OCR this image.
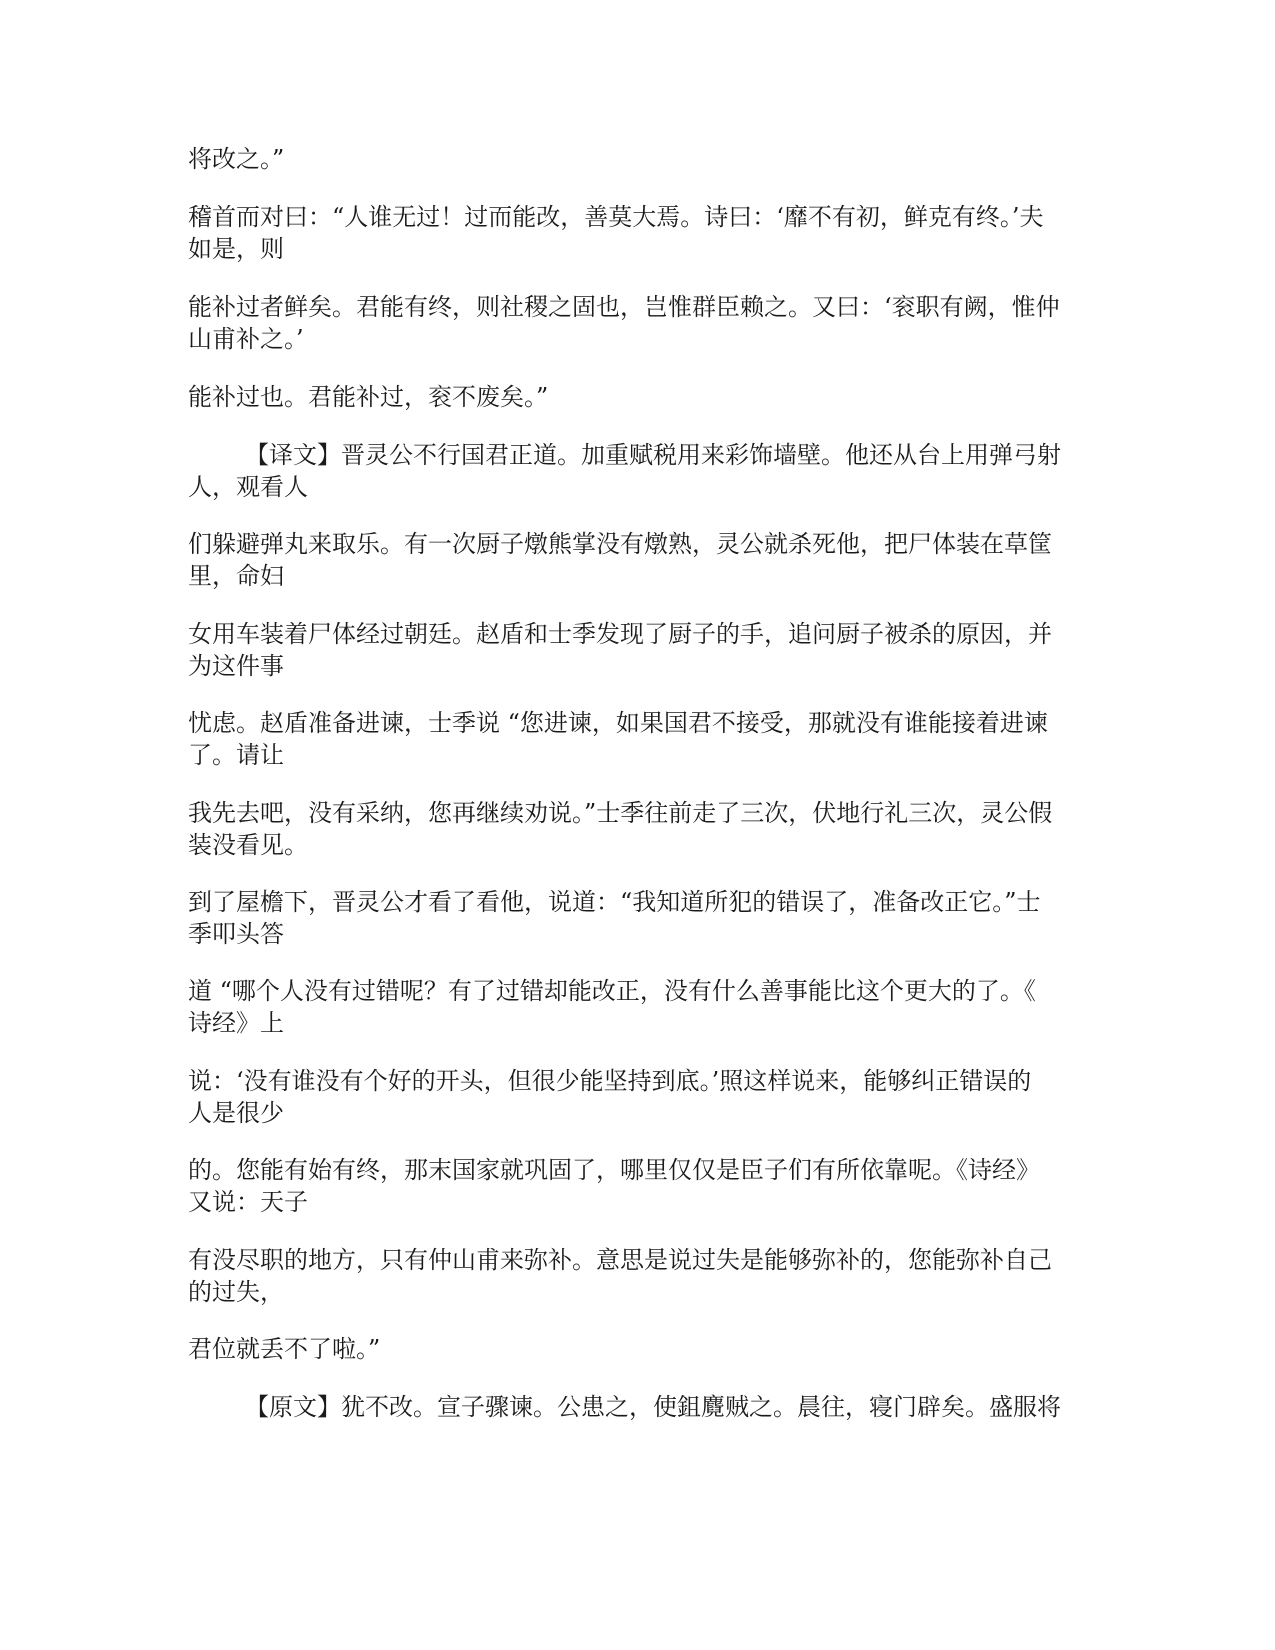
将改之。”
稽首而对曰：“人谁无过！过而能改，善莫大焉。诗曰：‘靡不有初，鲜克有终。’夫
如是，则
能补过者鲜矣。君能有终，则社稷之固也，岂惟群臣赖之。又曰：‘衮职有阙，惟仲
山甫补之。’
能补过也。君能补过，衮不废矣。”
【译文】晋灵公不行国君正道。加重赋税用来彩饰墙壁。他还从台上用弹弓射
人，观看人
们躲避弹丸来取乐。有一次厨子燉熊掌没有燉熟，灵公就杀死他，把尸体装在草筐
里，命妇
女用车装着尸体经过朝廷。赵盾和士季发现了厨子的手，追问厨子被杀的原因，并
为这件事
忧虑。赵盾准备进谏，士季说 “您进谏，如果国君不接受，那就没有谁能接着进谏
了。请让
我先去吧，没有采纳，您再继续劝说。”士季往前走了三次，伏地行礼三次，灵公假
装没看见。
到了屋檐下，晋灵公才看了看他，说道：“我知道所犯的错误了，准备改正它。”士
季叩头答
道 “哪个人没有过错呢？有了过错却能改正，没有什么善事能比这个更大的了。《
诗经》上
说：‘没有谁没有个好的开头，但很少能坚持到底。’照这样说来，能够纠正错误的
人是很少
的。您能有始有终，那末国家就巩固了，哪里仅仅是臣子们有所依靠呢。《诗经》
又说：天子
有没尽职的地方，只有仲山甫来弥补。意思是说过失是能够弥补的，您能弥补自己
的过失，
君位就丢不了啦。”
【原文】犹不改。宣子骤谏。公患之，使鉏麑贼之。晨往，寝门辟矣。盛服将
